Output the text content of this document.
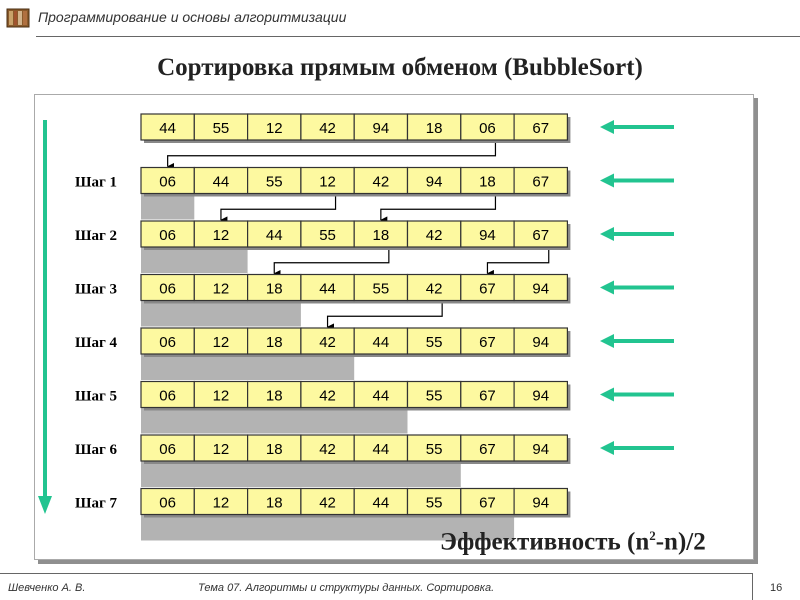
Программирование и основы алгоритмизации
Сортировка прямым обменом (BubbleSort)
44 55 12 42 94 18 06 67
06 44 55 12 42 94 18 67
06 12 44 55 18 42 94 67
06 12 18 44 55 42 67 94
06 12 18 42 44 55 67 94
06 12 18 42 44 55 67 94
06 12 18 42 44 55 67 94
06 12 18 42 44 55 67 94
Шаг 1
Шаг 2
Шаг 3
Шаг 4
Шаг 5
Шаг 6
Шаг 7
Эффективность $(n^2-n)/2$
Шевченко А. В.	Тема 07. Алгоритмы и структуры данных. Сортировка.	16
